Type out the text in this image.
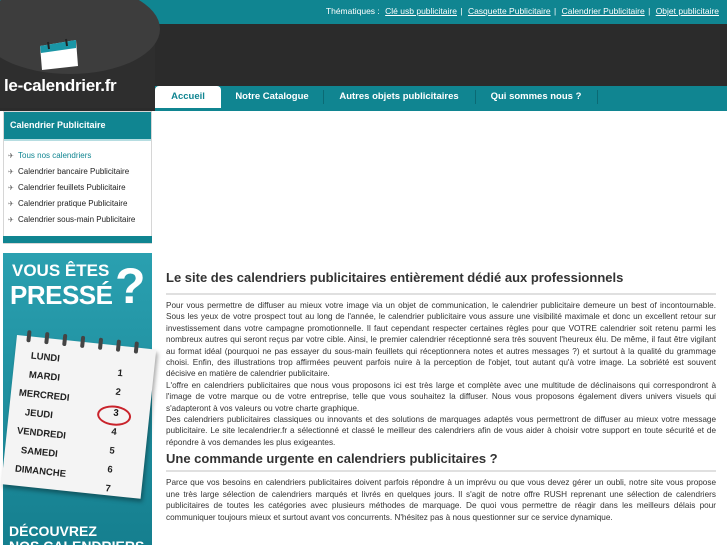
Thématiques : Clé usb publicitaire | Casquette Publicitaire | Calendrier Publicitaire | Objet publicitaire
le-calendrier.fr
Accueil	Notre Catalogue	Autres objets publicitaires	Qui sommes nous ?
Calendrier Publicitaire
✈ Tous nos calendriers
✈ Calendrier bancaire Publicitaire
✈ Calendrier feuillets Publicitaire
✈ Calendrier pratique Publicitaire
✈ Calendrier sous-main Publicitaire
VOUS ÊTES
PRESSÉ ?
LUNDI
MARDI
MERCREDI
JEUDI
VENDREDI
SAMEDI
DIMANCHE
1
2
3
4
5
6
7
DÉCOUVREZ
NOS CALENDRIERS
Le site des calendriers publicitaires entièrement dédié aux professionnels

Pour vous permettre de diffuser au mieux votre image via un objet de communication, le calendrier publicitaire demeure un best of incontournable. Sous les yeux de votre prospect tout au long de l'année, le calendrier publicitaire vous assure une visibilité maximale et donc un excellent retour sur investissement dans votre campagne promotionnelle. Il faut cependant respecter certaines règles pour que VOTRE calendrier soit retenu parmi les nombreux autres qui seront reçus par votre cible. Ainsi, le premier calendrier réceptionné sera très souvent l'heureux élu. De même, il faut être vigilant au format idéal (pourquoi ne pas essayer du sous-main feuillets qui réceptionnera notes et autres messages ?) et surtout à la qualité du grammage choisi. Enfin, des illustrations trop affirmées peuvent parfois nuire à la perception de l'objet, tout autant qu'à votre image. La sobriété est souvent décisive en matière de calendrier publicitaire.

L'offre en calendriers publicitaires que nous vous proposons ici est très large et complète avec une multitude de déclinaisons qui correspondront à l'image de votre marque ou de votre entreprise, telle que vous souhaitez la diffuser. Nous vous proposons également divers univers visuels qui s'adapteront à vos valeurs ou votre charte graphique.

Des calendriers publicitaires classiques ou innovants et des solutions de marquages adaptés vous permettront de diffuser au mieux votre message publicitaire. Le site lecalendrier.fr a sélectionné et classé le meilleur des calendriers afin de vous aider à choisir votre support en toute sécurité et de répondre à vos demandes les plus exigeantes.

Une commande urgente en calendriers publicitaires ?

Parce que vos besoins en calendriers publicitaires doivent parfois répondre à un imprévu ou que vous devez gérer un oubli, notre site vous propose une très large sélection de calendriers marqués et livrés en quelques jours. Il s'agit de notre offre RUSH reprenant une sélection de calendriers publicitaires de toutes les catégories avec plusieurs méthodes de marquage. De quoi vous permettre de réagir dans les meilleurs délais pour communiquer toujours mieux et surtout avant vos concurrents. N'hésitez pas à nous questionner sur ce service dynamique.
